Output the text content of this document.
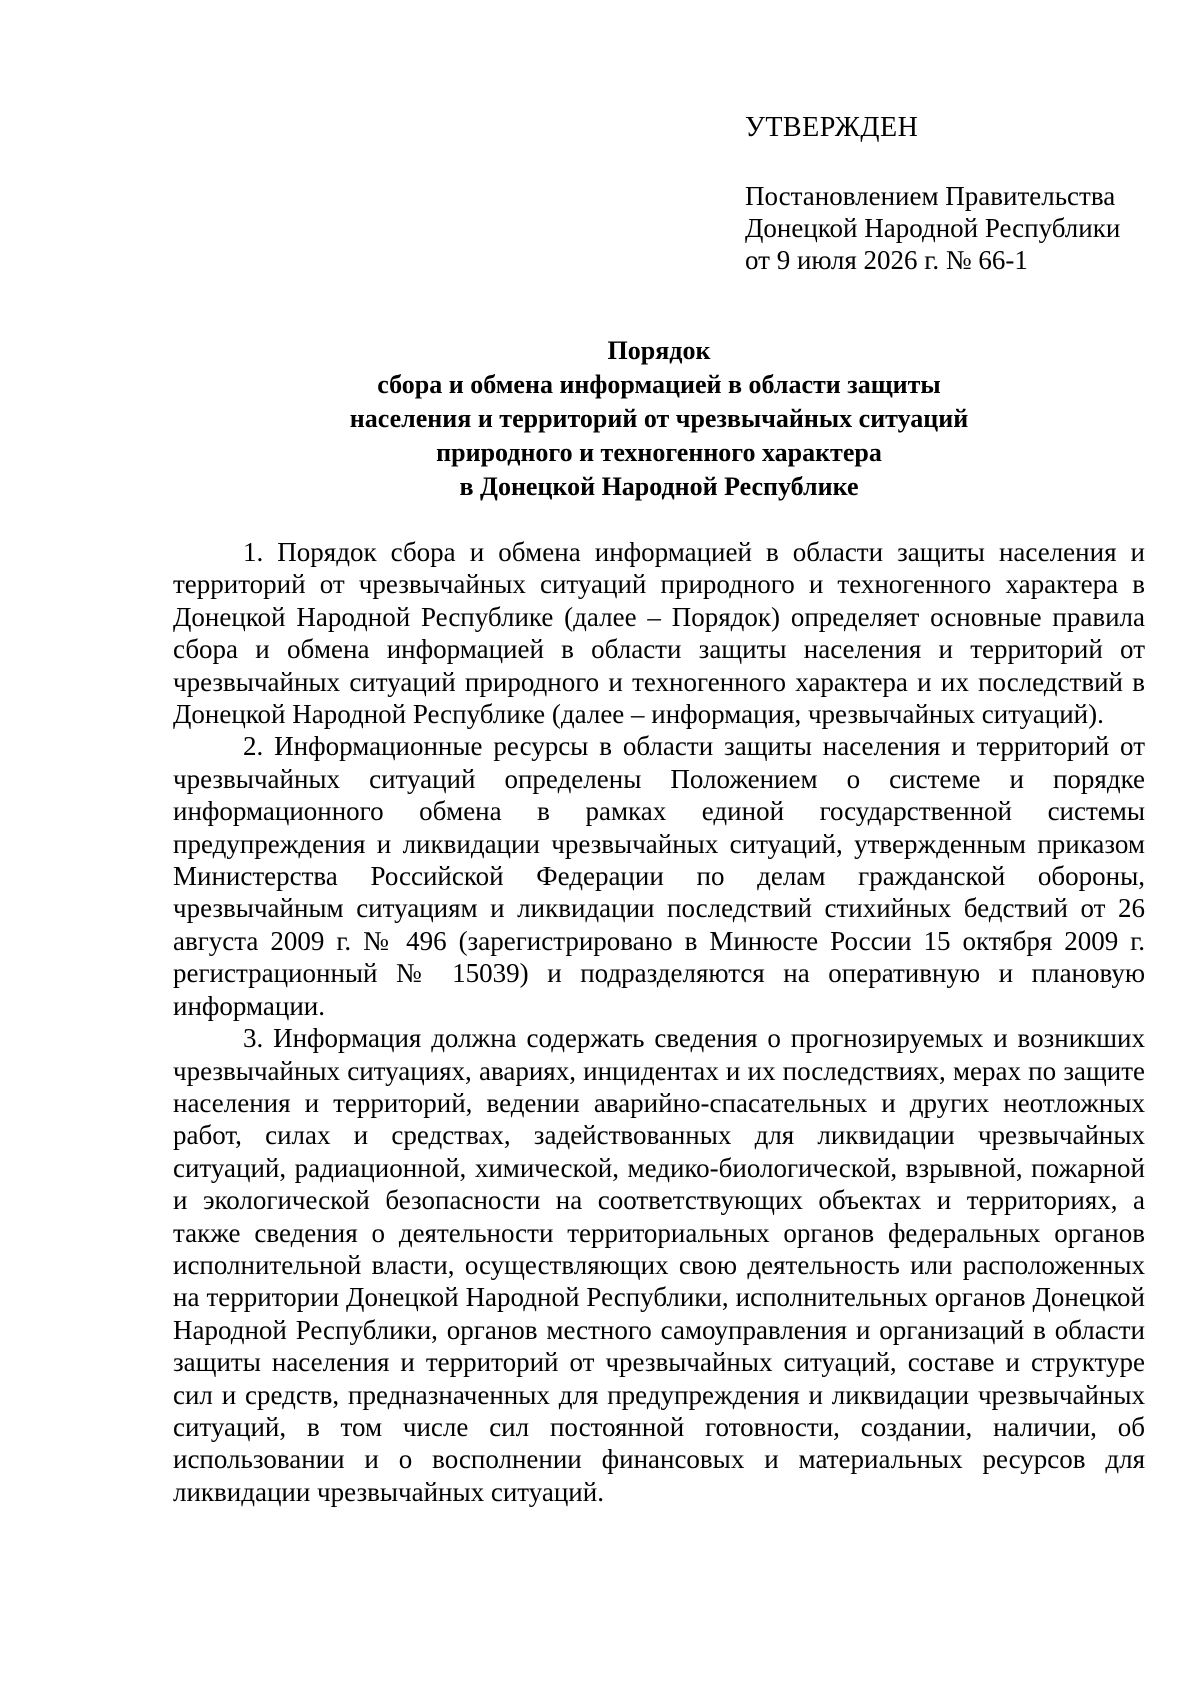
УТВЕРЖДЕН

Постановлением Правительства

Донецкой Народной Республики

от 9 июля 2026 г. № 66-1

Порядок

сбора и обмена информацией в области защиты

населения и территорий от чрезвычайных ситуаций

природного и техногенного характера

в Донецкой Народной Республике

1. Порядок сбора и обмена информацией в области защиты населения и территорий от чрезвычайных ситуаций природного и техногенного характера в Донецкой Народной Республике (далее – Порядок) определяет основные правила сбора и обмена информацией в области защиты населения и территорий от чрезвычайных ситуаций природного и техногенного характера и их последствий в Донецкой Народной Республике (далее – информация, чрезвычайных ситуаций).

2. Информационные ресурсы в области защиты населения и территорий от чрезвычайных ситуаций определены Положением о системе и порядке информационного обмена в рамках единой государственной системы предупреждения и ликвидации чрезвычайных ситуаций, утвержденным приказом Министерства Российской Федерации по делам гражданской обороны, чрезвычайным ситуациям и ликвидации последствий стихийных бедствий от 26 августа 2009 г. № 496 (зарегистрировано в Минюсте России 15 октября 2009 г. регистрационный № 15039) и подразделяются на оперативную и плановую информации.

3. Информация должна содержать сведения о прогнозируемых и возникших чрезвычайных ситуациях, авариях, инцидентах и их последствиях, мерах по защите населения и территорий, ведении аварийно-спасательных и других неотложных работ, силах и средствах, задействованных для ликвидации чрезвычайных ситуаций, радиационной, химической, медико-биологической, взрывной, пожарной и экологической безопасности на соответствующих объектах и территориях, а также сведения о деятельности территориальных органов федеральных органов исполнительной власти, осуществляющих свою деятельность или расположенных на территории Донецкой Народной Республики, исполнительных органов Донецкой Народной Республики, органов местного самоуправления и организаций в области защиты населения и территорий от чрезвычайных ситуаций, составе и структуре сил и средств, предназначенных для предупреждения и ликвидации чрезвычайных ситуаций, в том числе сил постоянной готовности, создании, наличии, об использовании и о восполнении финансовых и материальных ресурсов для ликвидации чрезвычайных ситуаций.
